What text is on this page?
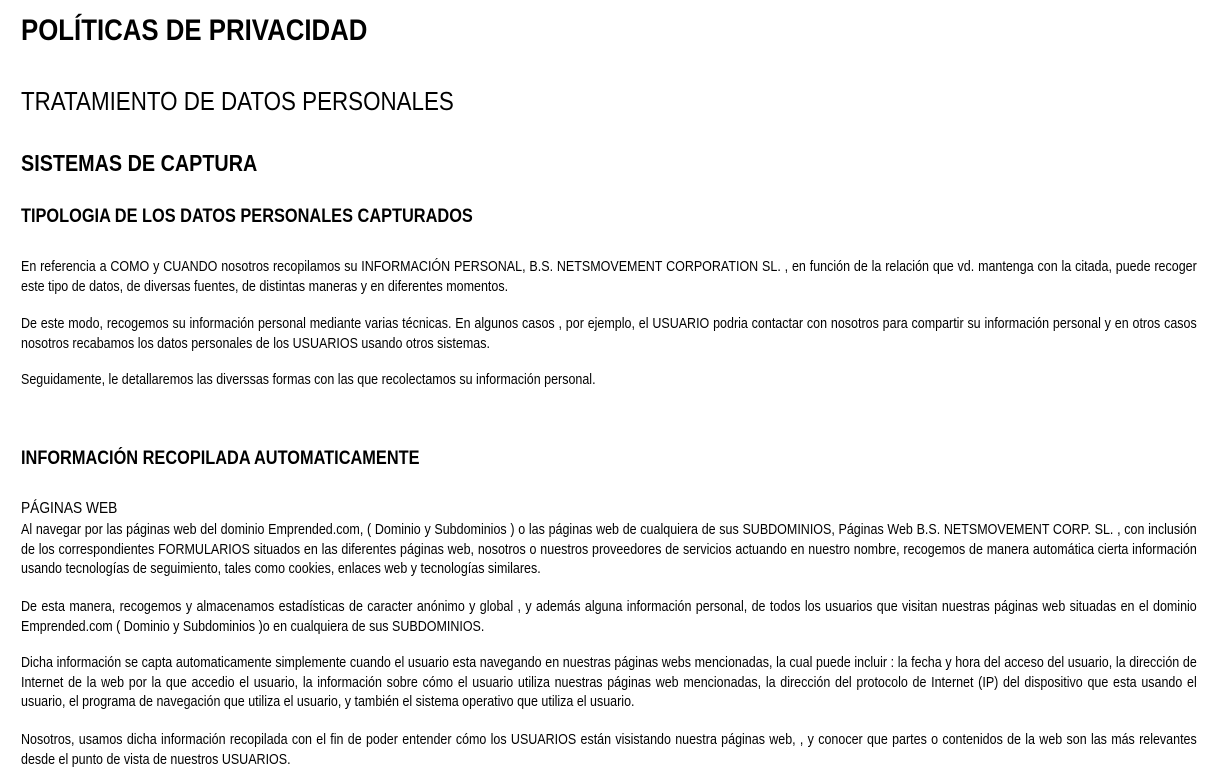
POLÍTICAS DE PRIVACIDAD
TRATAMIENTO DE DATOS PERSONALES
SISTEMAS DE CAPTURA
TIPOLOGIA DE LOS DATOS PERSONALES CAPTURADOS
En referencia a COMO y CUANDO nosotros recopilamos su INFORMACIÓN PERSONAL, B.S. NETSMOVEMENT CORPORATION SL. , en función de la relación que vd. mantenga con la citada, puede recoger este tipo de datos, de diversas fuentes, de distintas maneras y en diferentes momentos.
De este modo, recogemos su información personal mediante varias técnicas. En algunos casos , por ejemplo, el USUARIO podria contactar con nosotros para compartir su información personal y en otros casos nosotros recabamos los datos personales de los USUARIOS usando otros sistemas.
Seguidamente, le detallaremos las diverssas formas con las que recolectamos su información personal.
INFORMACIÓN RECOPILADA AUTOMATICAMENTE
PÁGINAS WEB
Al navegar por las páginas web del dominio Emprended.com, ( Dominio y Subdominios ) o las páginas web de cualquiera de sus SUBDOMINIOS, Páginas Web B.S. NETSMOVEMENT CORP. SL. , con inclusión de los correspondientes FORMULARIOS situados en las diferentes páginas web, nosotros o nuestros proveedores de servicios actuando en nuestro nombre, recogemos de manera automática cierta información usando tecnologías de seguimiento, tales como cookies, enlaces web y tecnologías similares.
De esta manera, recogemos y almacenamos estadísticas de caracter anónimo y global , y además alguna información personal, de todos los usuarios que visitan nuestras páginas web situadas en el dominio Emprended.com ( Dominio y Subdominios )o en cualquiera de sus SUBDOMINIOS.
Dicha información se capta automaticamente simplemente cuando el usuario esta navegando en nuestras páginas webs mencionadas, la cual puede incluir : la fecha y hora del acceso del usuario, la dirección de Internet de la web por la que accedio el usuario, la información sobre cómo el usuario utiliza nuestras páginas web mencionadas, la dirección del protocolo de Internet (IP) del dispositivo que esta usando el usuario, el programa de navegación que utiliza el usuario, y también el sistema operativo que utiliza el usuario.
Nosotros, usamos dicha información recopilada con el fin de poder entender cómo los USUARIOS están visistando nuestra páginas web, , y conocer que partes o contenidos de la web son las más relevantes desde el punto de vista de nuestros USUARIOS.
